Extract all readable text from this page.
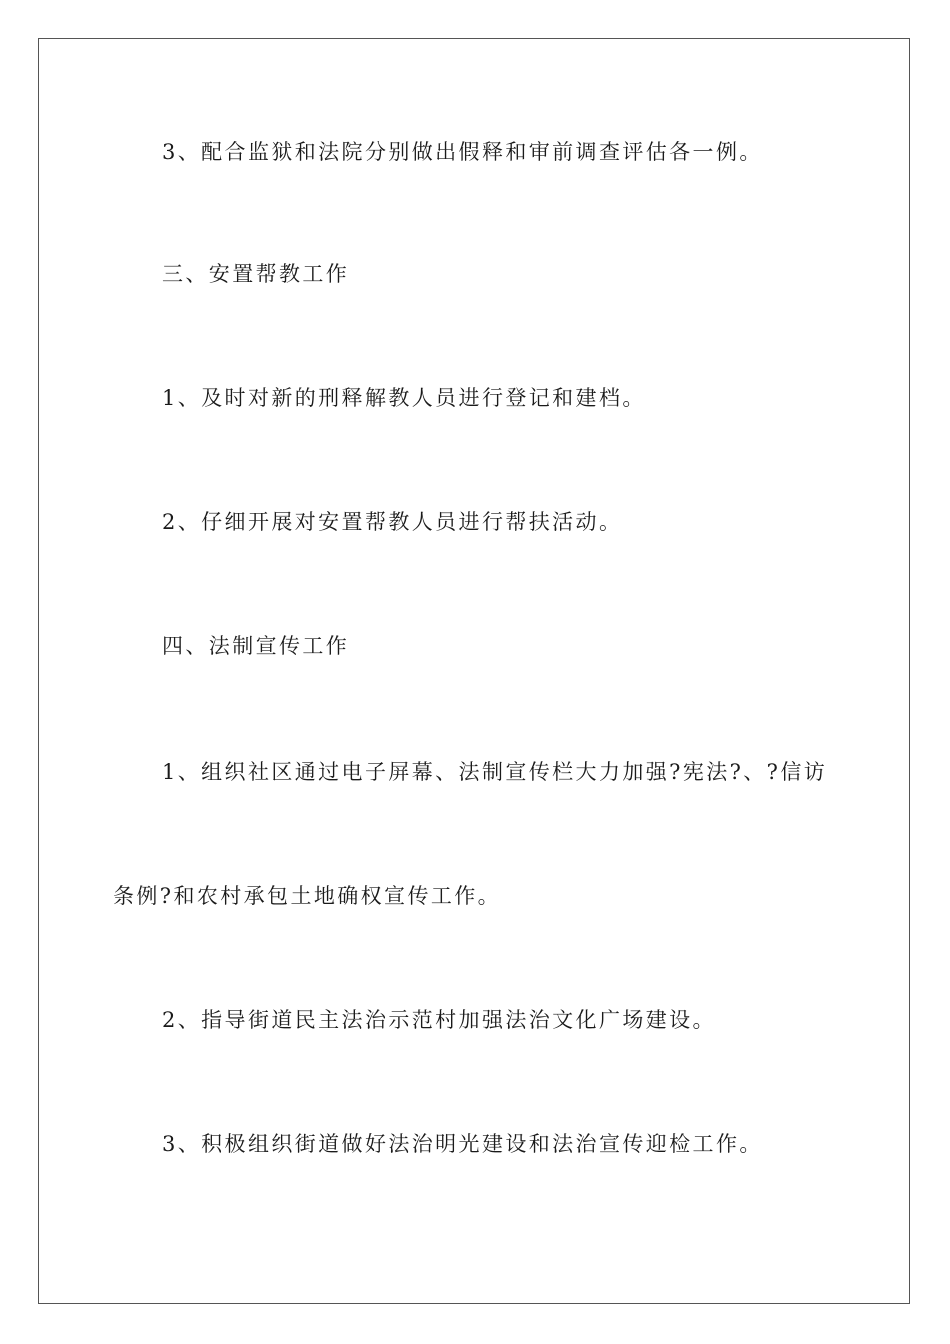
3、配合监狱和法院分别做出假释和审前调查评估各一例。
三、安置帮教工作
1、及时对新的刑释解教人员进行登记和建档。
2、仔细开展对安置帮教人员进行帮扶活动。
四、法制宣传工作
1、组织社区通过电子屏幕、法制宣传栏大力加强?宪法?、?信访
条例?和农村承包土地确权宣传工作。
2、指导街道民主法治示范村加强法治文化广场建设。
3、积极组织街道做好法治明光建设和法治宣传迎检工作。
